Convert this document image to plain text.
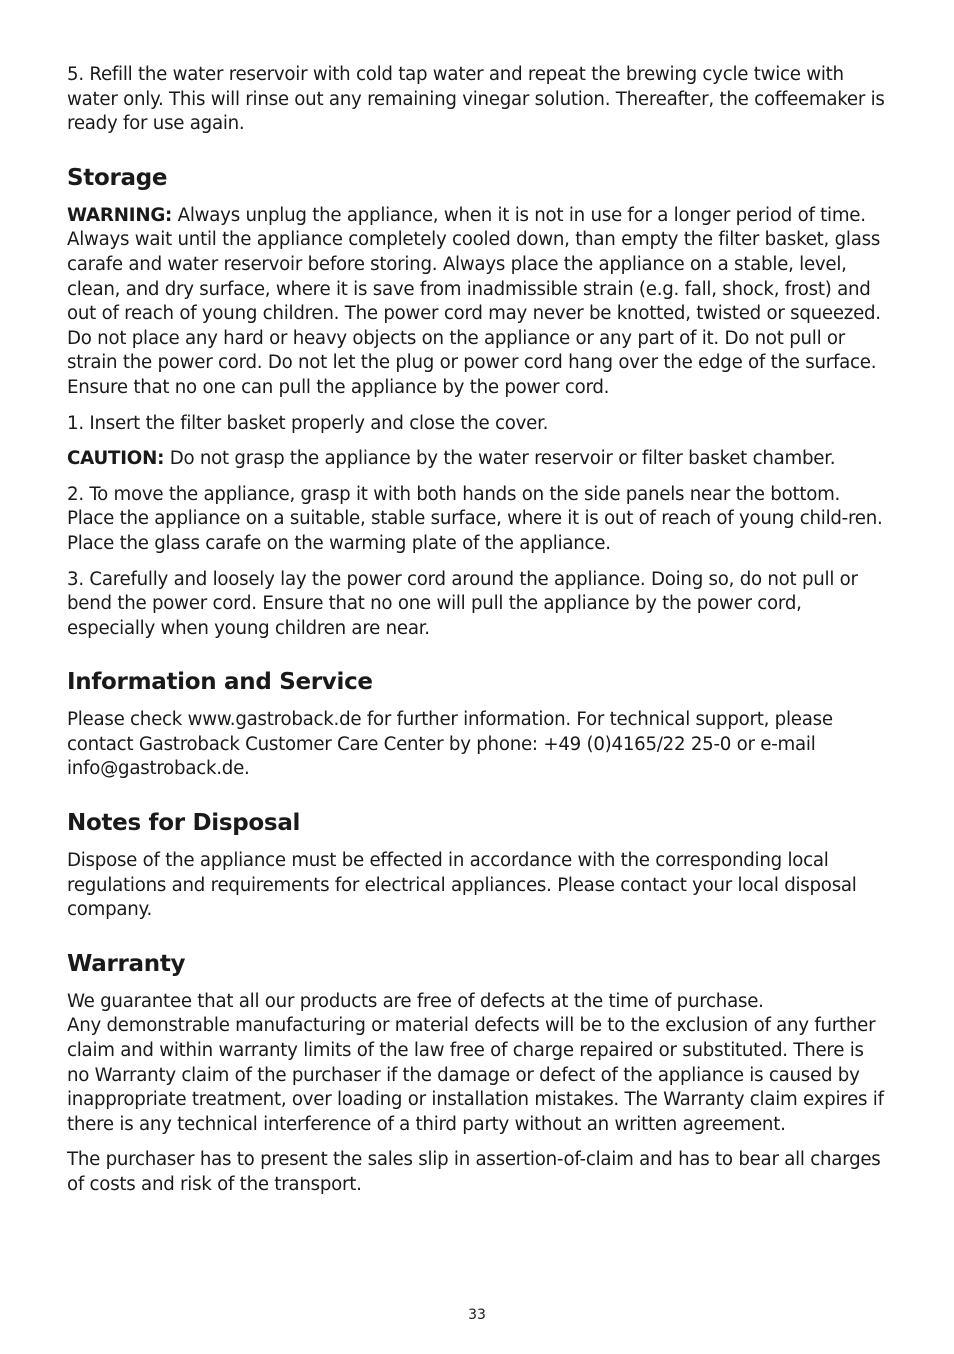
5. Refill the water reservoir with cold tap water and repeat the brewing cycle twice with water only. This will rinse out any remaining vinegar solution. Thereafter, the coffeemaker is ready for use again.

Storage

WARNING: Always unplug the appliance, when it is not in use for a longer period of time. Always wait until the appliance completely cooled down, than empty the filter basket, glass carafe and water reservoir before storing. Always place the appliance on a stable, level, clean, and dry surface, where it is save from inadmissible strain (e.g. fall, shock, frost) and out of reach of young children. The power cord may never be knotted, twisted or squeezed. Do not place any hard or heavy objects on the appliance or any part of it. Do not pull or strain the power cord. Do not let the plug or power cord hang over the edge of the surface. Ensure that no one can pull the appliance by the power cord.

1. Insert the filter basket properly and close the cover.

CAUTION: Do not grasp the appliance by the water reservoir or filter basket chamber.

2. To move the appliance, grasp it with both hands on the side panels near the bottom. Place the appliance on a suitable, stable surface, where it is out of reach of young child-ren. Place the glass carafe on the warming plate of the appliance.

3. Carefully and loosely lay the power cord around the appliance. Doing so, do not pull or bend the power cord. Ensure that no one will pull the appliance by the power cord, especially when young children are near.

Information and Service

Please check www.gastroback.de for further information. For technical support, please contact Gastroback Customer Care Center by phone: +49 (0)4165/22 25-0 or e-mail info@gastroback.de.

Notes for Disposal

Dispose of the appliance must be effected in accordance with the corresponding local regulations and requirements for electrical appliances. Please contact your local disposal company.

Warranty

We guarantee that all our products are free of defects at the time of purchase.

Any demonstrable manufacturing or material defects will be to the exclusion of any further claim and within warranty limits of the law free of charge repaired or substituted. There is no Warranty claim of the purchaser if the damage or defect of the appliance is caused by inappropriate treatment, over loading or installation mistakes. The Warranty claim expires if there is any technical interference of a third party without an written agreement.

The purchaser has to present the sales slip in assertion-of-claim and has to bear all charges of costs and risk of the transport.

33
